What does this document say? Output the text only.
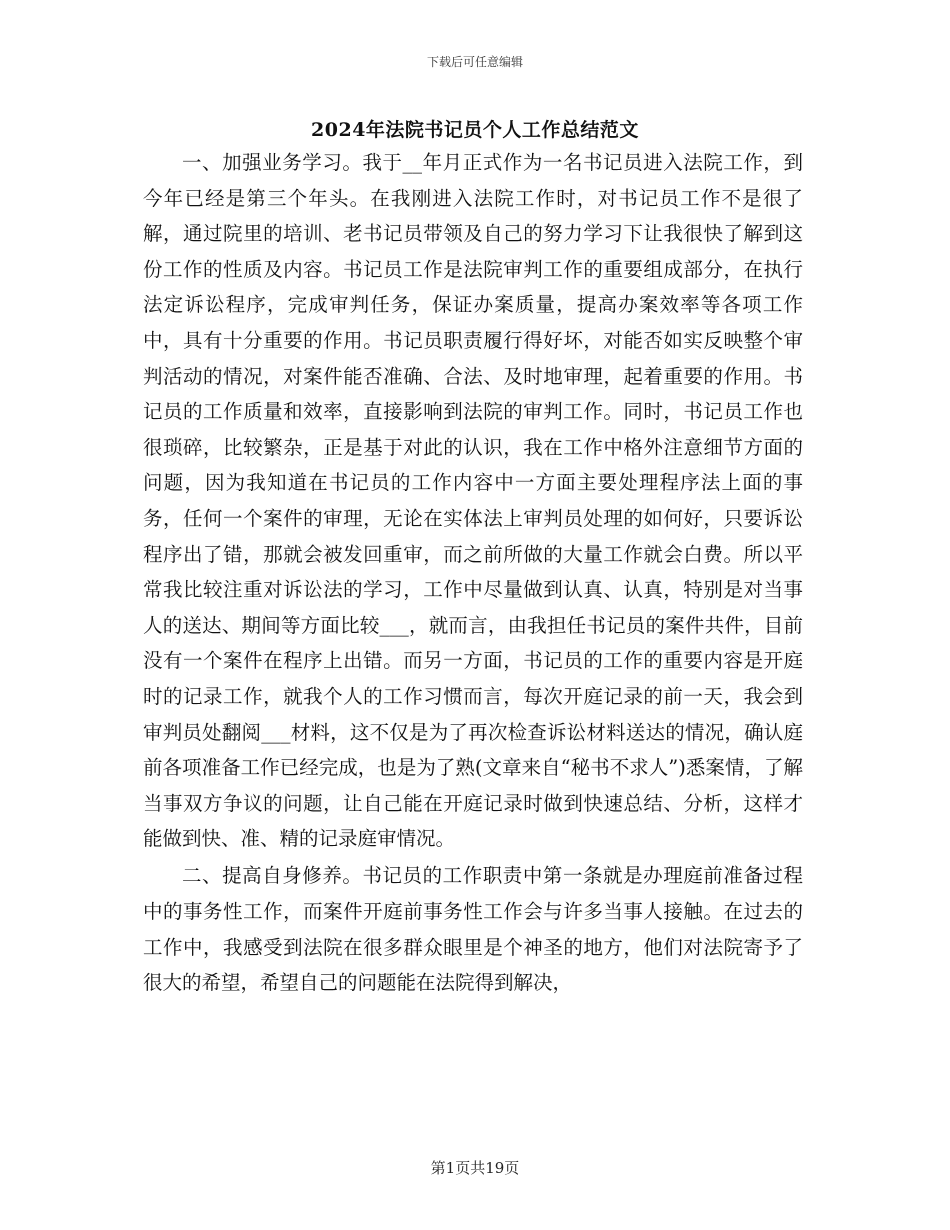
下载后可任意编辑
2024年法院书记员个人工作总结范文

一、加强业务学习。我于__年月正式作为一名书记员进入法院工作，到今年已经是第三个年头。在我刚进入法院工作时，对书记员工作不是很了解，通过院里的培训、老书记员带领及自己的努力学习下让我很快了解到这份工作的性质及内容。书记员工作是法院审判工作的重要组成部分，在执行法定诉讼程序，完成审判任务，保证办案质量，提高办案效率等各项工作中，具有十分重要的作用。书记员职责履行得好坏，对能否如实反映整个审判活动的情况，对案件能否准确、合法、及时地审理，起着重要的作用。书记员的工作质量和效率，直接影响到法院的审判工作。同时，书记员工作也很琐碎，比较繁杂，正是基于对此的认识，我在工作中格外注意细节方面的问题，因为我知道在书记员的工作内容中一方面主要处理程序法上面的事务，任何一个案件的审理，无论在实体法上审判员处理的如何好，只要诉讼程序出了错，那就会被发回重审，而之前所做的大量工作就会白费。所以平常我比较注重对诉讼法的学习，工作中尽量做到认真、认真，特别是对当事人的送达、期间等方面比较___，就而言，由我担任书记员的案件共件，目前没有一个案件在程序上出错。而另一方面，书记员的工作的重要内容是开庭时的记录工作，就我个人的工作习惯而言，每次开庭记录的前一天，我会到审判员处翻阅___材料，这不仅是为了再次检查诉讼材料送达的情况，确认庭前各项准备工作已经完成，也是为了熟(文章来自“秘书不求人”)悉案情，了解当事双方争议的问题，让自己能在开庭记录时做到快速总结、分析，这样才能做到快、准、精的记录庭审情况。

二、提高自身修养。书记员的工作职责中第一条就是办理庭前准备过程中的事务性工作，而案件开庭前事务性工作会与许多当事人接触。在过去的工作中，我感受到法院在很多群众眼里是个神圣的地方，他们对法院寄予了很大的希望，希望自己的问题能在法院得到解决，

第1页共19页
